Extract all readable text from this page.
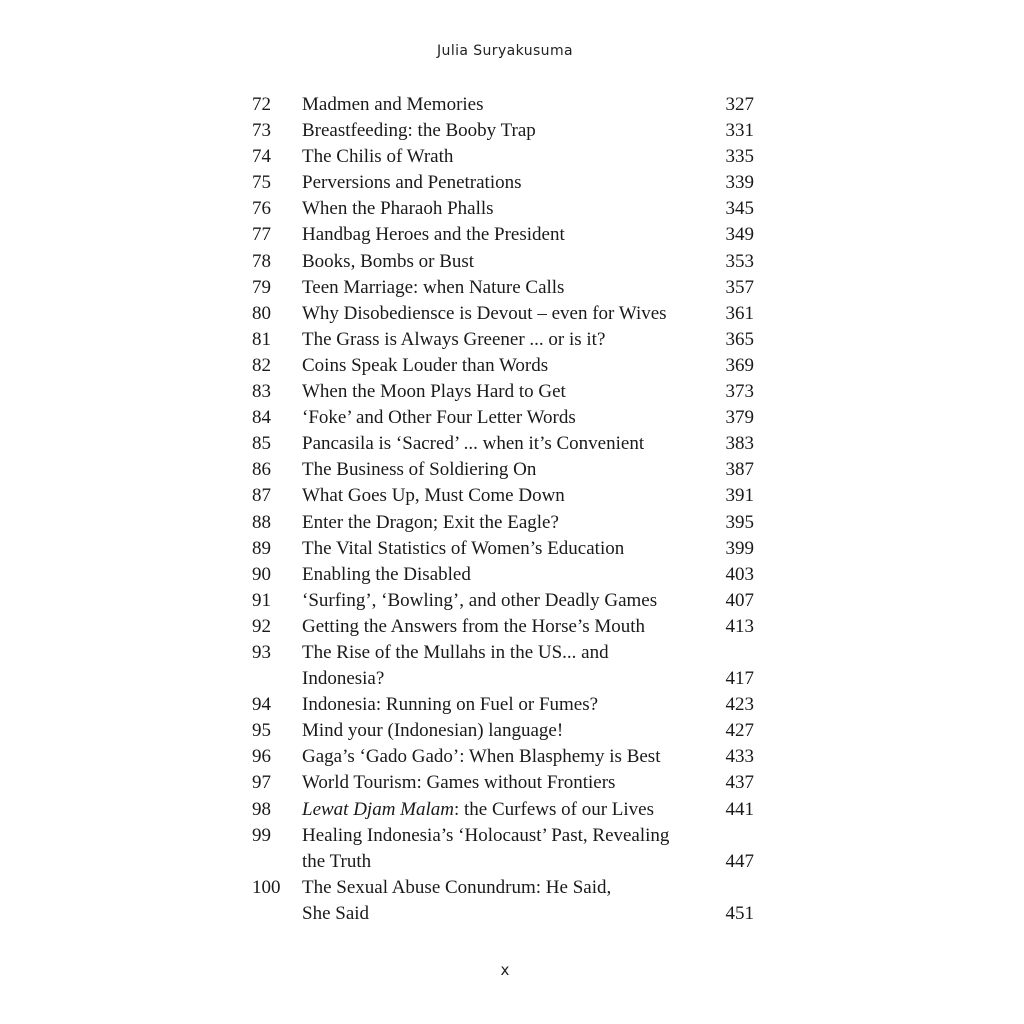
Julia Suryakusuma
72	Madmen and Memories	327
73	Breastfeeding: the Booby Trap	331
74	The Chilis of Wrath	335
75	Perversions and Penetrations	339
76	When the Pharaoh Phalls	345
77	Handbag Heroes and the President	349
78	Books, Bombs or Bust	353
79	Teen Marriage: when Nature Calls	357
80	Why Disobediensce is Devout – even for Wives	361
81	The Grass is Always Greener ... or is it?	365
82	Coins Speak Louder than Words	369
83	When the Moon Plays Hard to Get	373
84	‘Foke’ and Other Four Letter Words	379
85	Pancasila is ‘Sacred’ ... when it’s Convenient	383
86	The Business of Soldiering On	387
87	What Goes Up, Must Come Down	391
88	Enter the Dragon; Exit the Eagle?	395
89	The Vital Statistics of Women’s Education	399
90	Enabling the Disabled	403
91	‘Surfing’, ‘Bowling’, and other Deadly Games	407
92	Getting the Answers from the Horse’s Mouth	413
93	The Rise of the Mullahs in the US... and
Indonesia?	417
94	Indonesia: Running on Fuel or Fumes?	423
95	Mind your (Indonesian) language!	427
96	Gaga’s ‘Gado Gado’: When Blasphemy is Best	433
97	World Tourism: Games without Frontiers	437
98	Lewat Djam Malam: the Curfews of our Lives	441
99	Healing Indonesia’s ‘Holocaust’ Past, Revealing
the Truth	447
100	The Sexual Abuse Conundrum: He Said,
She Said	451
x
